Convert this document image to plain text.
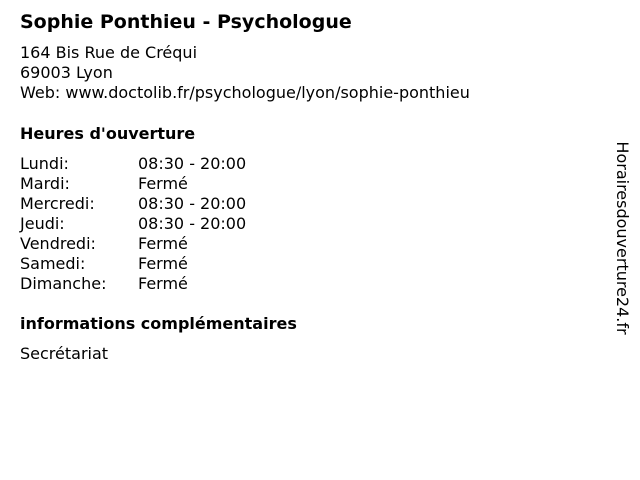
Sophie Ponthieu - Psychologue
164 Bis Rue de Créqui
69003 Lyon
Web: www.doctolib.fr/psychologue/lyon/sophie-ponthieu
Heures d'ouverture
Lundi:	08:30 - 20:00
Mardi:	Fermé
Mercredi:	08:30 - 20:00
Jeudi:	08:30 - 20:00
Vendredi:	Fermé
Samedi:	Fermé
Dimanche: Fermé
informations complémentaires
Secrétariat
Horairesdouverture24.fr
